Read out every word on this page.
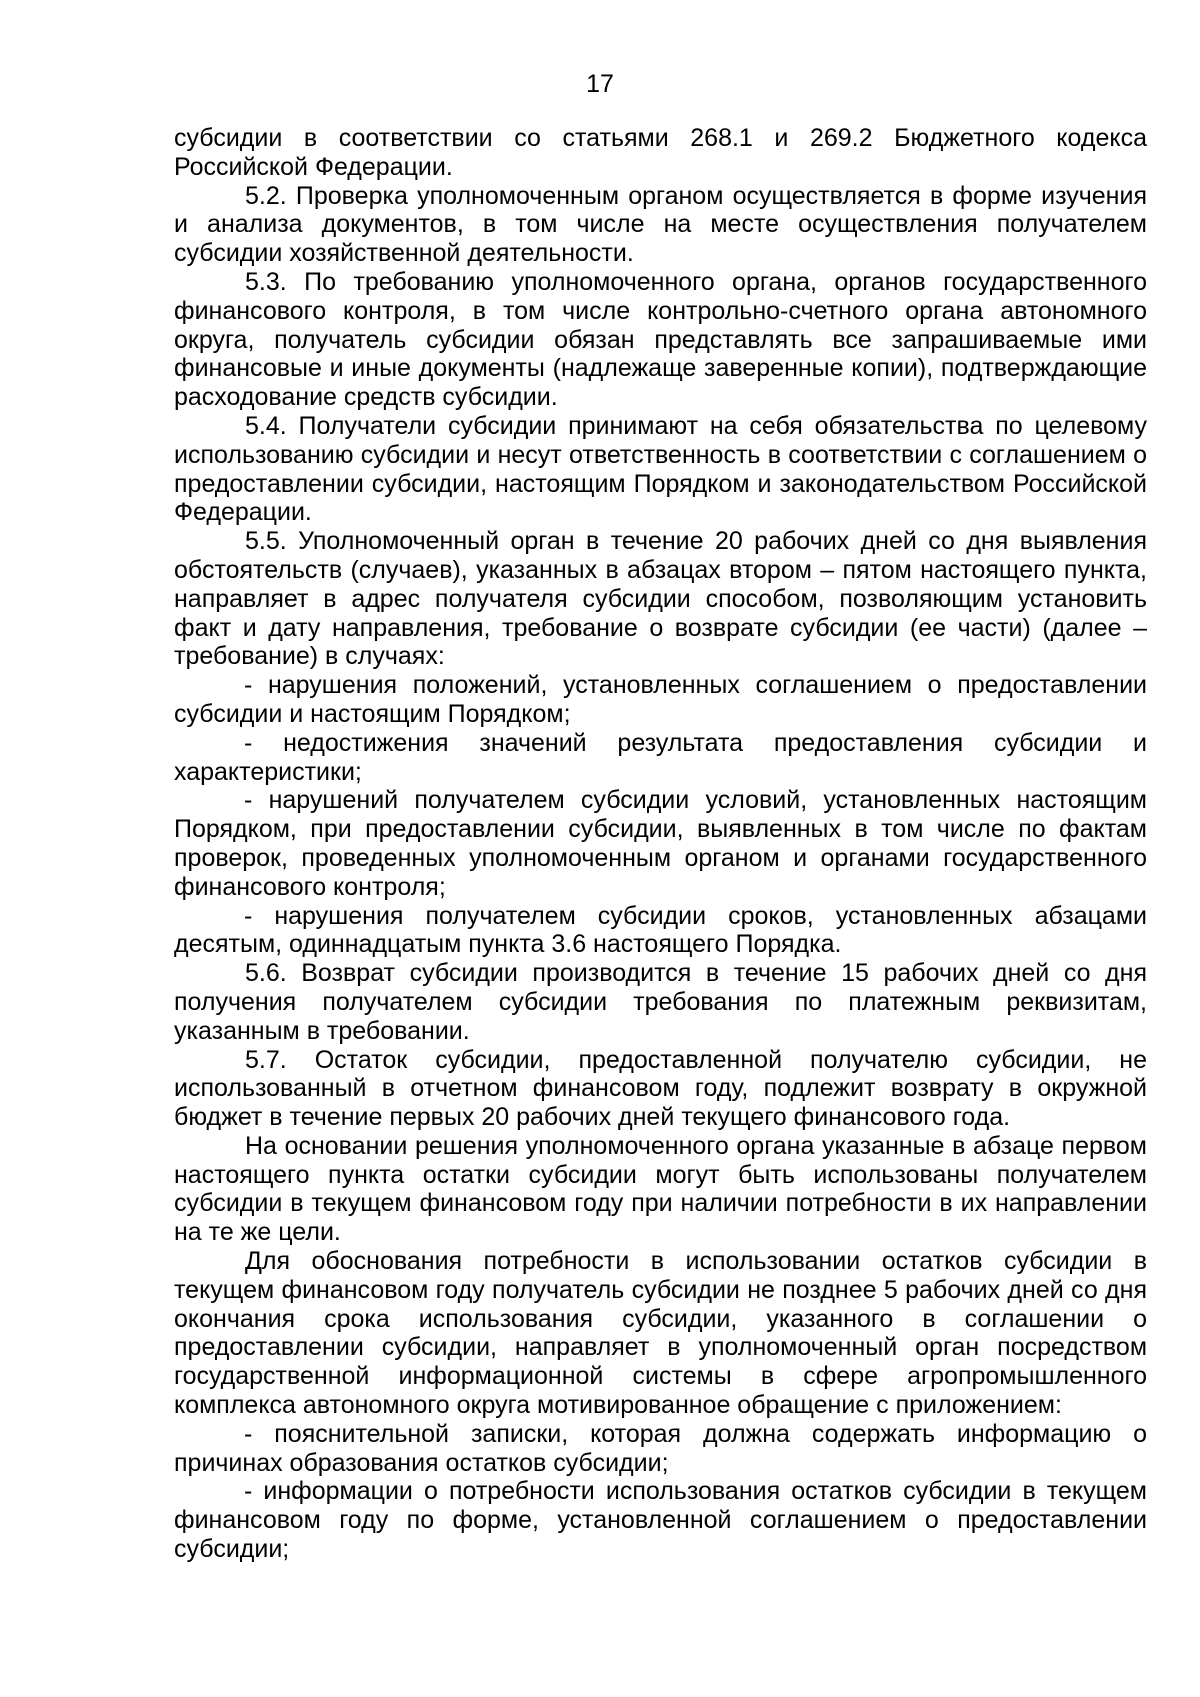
17

субсидии в соответствии со статьями 268.1 и 269.2 Бюджетного кодекса Российской Федерации.

5.2. Проверка уполномоченным органом осуществляется в форме изучения и анализа документов, в том числе на месте осуществления получателем субсидии хозяйственной деятельности.

5.3. По требованию уполномоченного органа, органов государственного финансового контроля, в том числе контрольно-счетного органа автономного округа, получатель субсидии обязан представлять все запрашиваемые ими финансовые и иные документы (надлежаще заверенные копии), подтверждающие расходование средств субсидии.

5.4. Получатели субсидии принимают на себя обязательства по целевому использованию субсидии и несут ответственность в соответствии с соглашением о предоставлении субсидии, настоящим Порядком и законодательством Российской Федерации.

5.5. Уполномоченный орган в течение 20 рабочих дней со дня выявления обстоятельств (случаев), указанных в абзацах втором – пятом настоящего пункта, направляет в адрес получателя субсидии способом, позволяющим установить факт и дату направления, требование о возврате субсидии (ее части) (далее – требование) в случаях:

- нарушения положений, установленных соглашением о предоставлении субсидии и настоящим Порядком;

- недостижения значений результата предоставления субсидии и характеристики;

- нарушений получателем субсидии условий, установленных настоящим Порядком, при предоставлении субсидии, выявленных в том числе по фактам проверок, проведенных уполномоченным органом и органами государственного финансового контроля;

- нарушения получателем субсидии сроков, установленных абзацами десятым, одиннадцатым пункта 3.6 настоящего Порядка.

5.6. Возврат субсидии производится в течение 15 рабочих дней со дня получения получателем субсидии требования по платежным реквизитам, указанным в требовании.

5.7. Остаток субсидии, предоставленной получателю субсидии, не использованный в отчетном финансовом году, подлежит возврату в окружной бюджет в течение первых 20 рабочих дней текущего финансового года.

На основании решения уполномоченного органа указанные в абзаце первом настоящего пункта остатки субсидии могут быть использованы получателем субсидии в текущем финансовом году при наличии потребности в их направлении на те же цели.

Для обоснования потребности в использовании остатков субсидии в текущем финансовом году получатель субсидии не позднее 5 рабочих дней со дня окончания срока использования субсидии, указанного в соглашении о предоставлении субсидии, направляет в уполномоченный орган посредством государственной информационной системы в сфере агропромышленного комплекса автономного округа мотивированное обращение с приложением:

- пояснительной записки, которая должна содержать информацию о причинах образования остатков субсидии;

- информации о потребности использования остатков субсидии в текущем финансовом году по форме, установленной соглашением о предоставлении субсидии;
